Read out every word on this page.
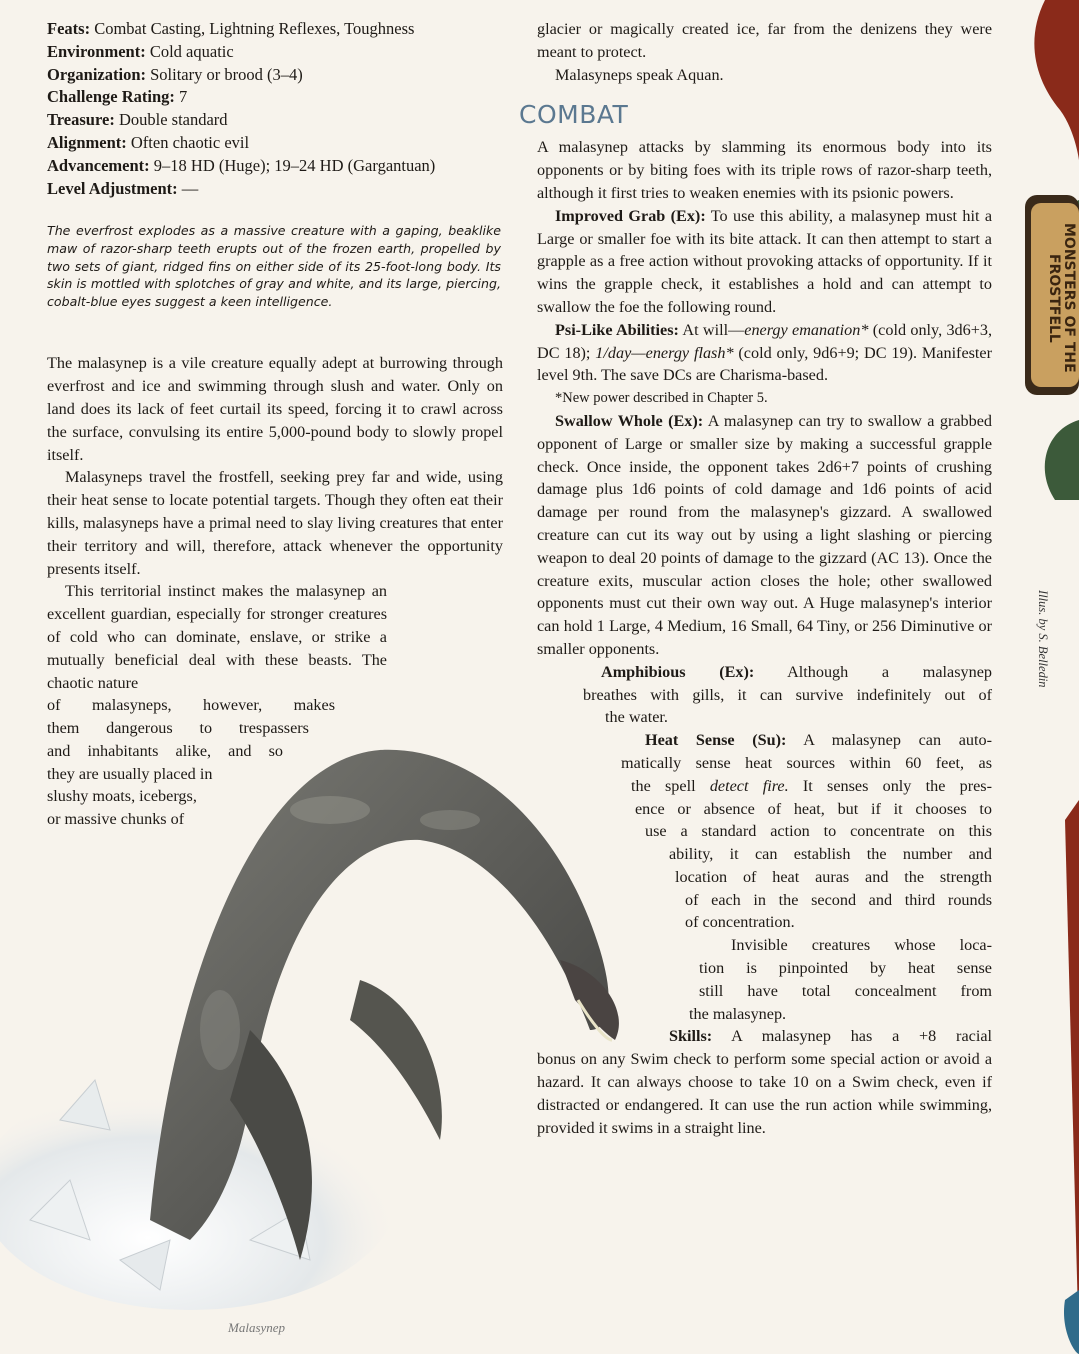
Malasynep

Feats: Combat Casting, Lightning Reflexes, Toughness

Environment: Cold aquatic

Organization: Solitary or brood (3–4)

Challenge Rating: 7

Treasure: Double standard

Alignment: Often chaotic evil

Advancement: 9–18 HD (Huge); 19–24 HD (Gargantuan)

Level Adjustment: —

The everfrost explodes as a massive creature with a gaping, beaklike maw of razor-sharp teeth erupts out of the frozen earth, propelled by two sets of giant, ridged fins on either side of its 25-foot-long body. Its skin is mottled with splotches of gray and white, and its large, piercing, cobalt-blue eyes suggest a keen intelligence.

The malasynep is a vile creature equally adept at burrowing through everfrost and ice and swimming through slush and water. Only on land does its lack of feet curtail its speed, forcing it to crawl across the surface, convulsing its entire 5,000-pound body to slowly propel itself.

Malasyneps travel the frostfell, seeking prey far and wide, using their heat sense to locate potential targets. Though they often eat their kills, malasyneps have a primal need to slay living creatures that enter their territory and will, therefore, attack whenever the opportunity presents itself.

This territorial instinct makes the malasynep an excellent guardian, especially for stronger creatures of cold who can dominate, enslave, or strike a mutually beneficial deal with these beasts. The chaotic nature

of malasyneps, however, makes

them dangerous to trespassers

and inhabitants alike, and so

they are usually placed in

slushy moats, icebergs,

or massive chunks of

glacier or magically created ice, far from the denizens they were meant to protect.

Malasyneps speak Aquan.

COMBAT

A malasynep attacks by slamming its enormous body into its opponents or by biting foes with its triple rows of razor-sharp teeth, although it first tries to weaken enemies with its psionic powers.

Improved Grab (Ex): To use this ability, a malasynep must hit a Large or smaller foe with its bite attack. It can then attempt to start a grapple as a free action without provoking attacks of opportunity. If it wins the grapple check, it establishes a hold and can attempt to swallow the foe the following round.

Psi-Like Abilities: At will—energy emanation* (cold only, 3d6+3, DC 18); 1/day—energy flash* (cold only, 9d6+9; DC 19). Manifester level 9th. The save DCs are Charisma-based.

*New power described in Chapter 5.

Swallow Whole (Ex): A malasynep can try to swallow a grabbed opponent of Large or smaller size by making a successful grapple check. Once inside, the opponent takes 2d6+7 points of crushing damage plus 1d6 points of cold damage and 1d6 points of acid damage per round from the malasynep's gizzard. A swallowed creature can cut its way out by using a light slashing or piercing weapon to deal 20 points of damage to the gizzard (AC 13). Once the creature exits, muscular action closes the hole; other swallowed opponents must cut their own way out. A Huge malasynep's interior can hold 1 Large, 4 Medium, 16 Small, 64 Tiny, or 256 Diminutive or smaller opponents.

Amphibious (Ex): Although a malasynep

breathes with gills, it can survive indefinitely out of

the water.

Heat Sense (Su): A malasynep can auto-

matically sense heat sources within 60 feet, as

the spell detect fire. It senses only the pres-

ence or absence of heat, but if it chooses to

use a standard action to concentrate on this

ability, it can establish the number and

location of heat auras and the strength

of each in the second and third rounds

of concentration.

Invisible creatures whose loca-

tion is pinpointed by heat sense

still have total concealment from

the malasynep.

Skills: A malasynep has a +8 racial

bonus on any Swim check to perform some special action or avoid a hazard. It can always choose to take 10 on a Swim check, even if distracted or endangered. It can use the run action while swimming, provided it swims in a straight line.

MONSTERS OF THE FROSTFELL
Illus. by S. Belledin
